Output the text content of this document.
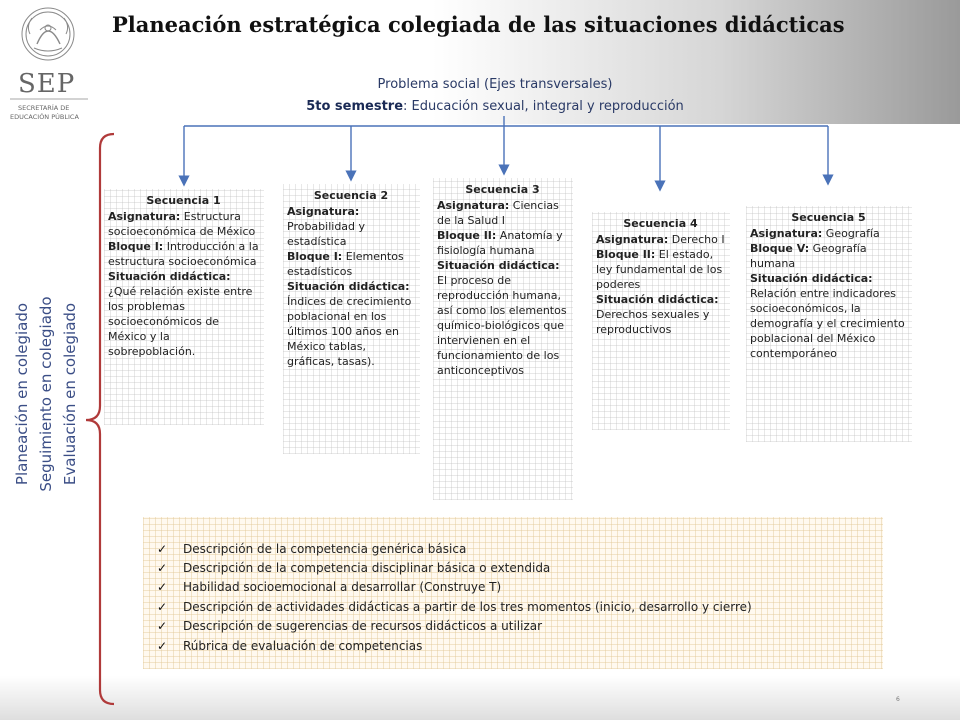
SEP
SECRETARÍA DE
EDUCACIÓN PÚBLICA
Planeación estratégica colegiada de las situaciones didácticas
Problema social (Ejes transversales)
5to semestre: Educación sexual, integral y reproducción
Secuencia 1
Asignatura: Estructura socioeconómica de México
Bloque I: Introducción a la estructura socioeconómica
Situación didáctica:
¿Qué relación existe entre los problemas socioeconómicos de México y la sobrepoblación.
Secuencia 2
Asignatura: Probabilidad y estadística
Bloque I: Elementos estadísticos
Situación didáctica:
Índices de crecimiento poblacional en los últimos 100 años en México tablas, gráficas, tasas).
Secuencia 3
Asignatura: Ciencias de la Salud I
Bloque II: Anatomía y fisiología humana
Situación didáctica:
El proceso de reproducción humana, así como los elementos químico-biológicos que intervienen en el funcionamiento de los anticonceptivos
Secuencia 4
Asignatura: Derecho I
Bloque II: El estado, ley fundamental de los poderes
Situación didáctica:
Derechos sexuales y reproductivos
Secuencia 5
Asignatura: Geografía
Bloque V: Geografía humana
Situación didáctica:
Relación entre indicadores socioeconómicos, la demografía y el crecimiento poblacional del México contemporáneo
Planeación en colegiado Seguimiento en colegiado Evaluación en colegiado
✓	Descripción de la competencia genérica básica
✓	Descripción de la competencia disciplinar básica o extendida
✓	Habilidad socioemocional a desarrollar (Construye T)
✓	Descripción de actividades didácticas a partir de los tres momentos (inicio, desarrollo y cierre)
✓	Descripción de sugerencias de recursos didácticos a utilizar
✓	Rúbrica de evaluación de competencias
6
